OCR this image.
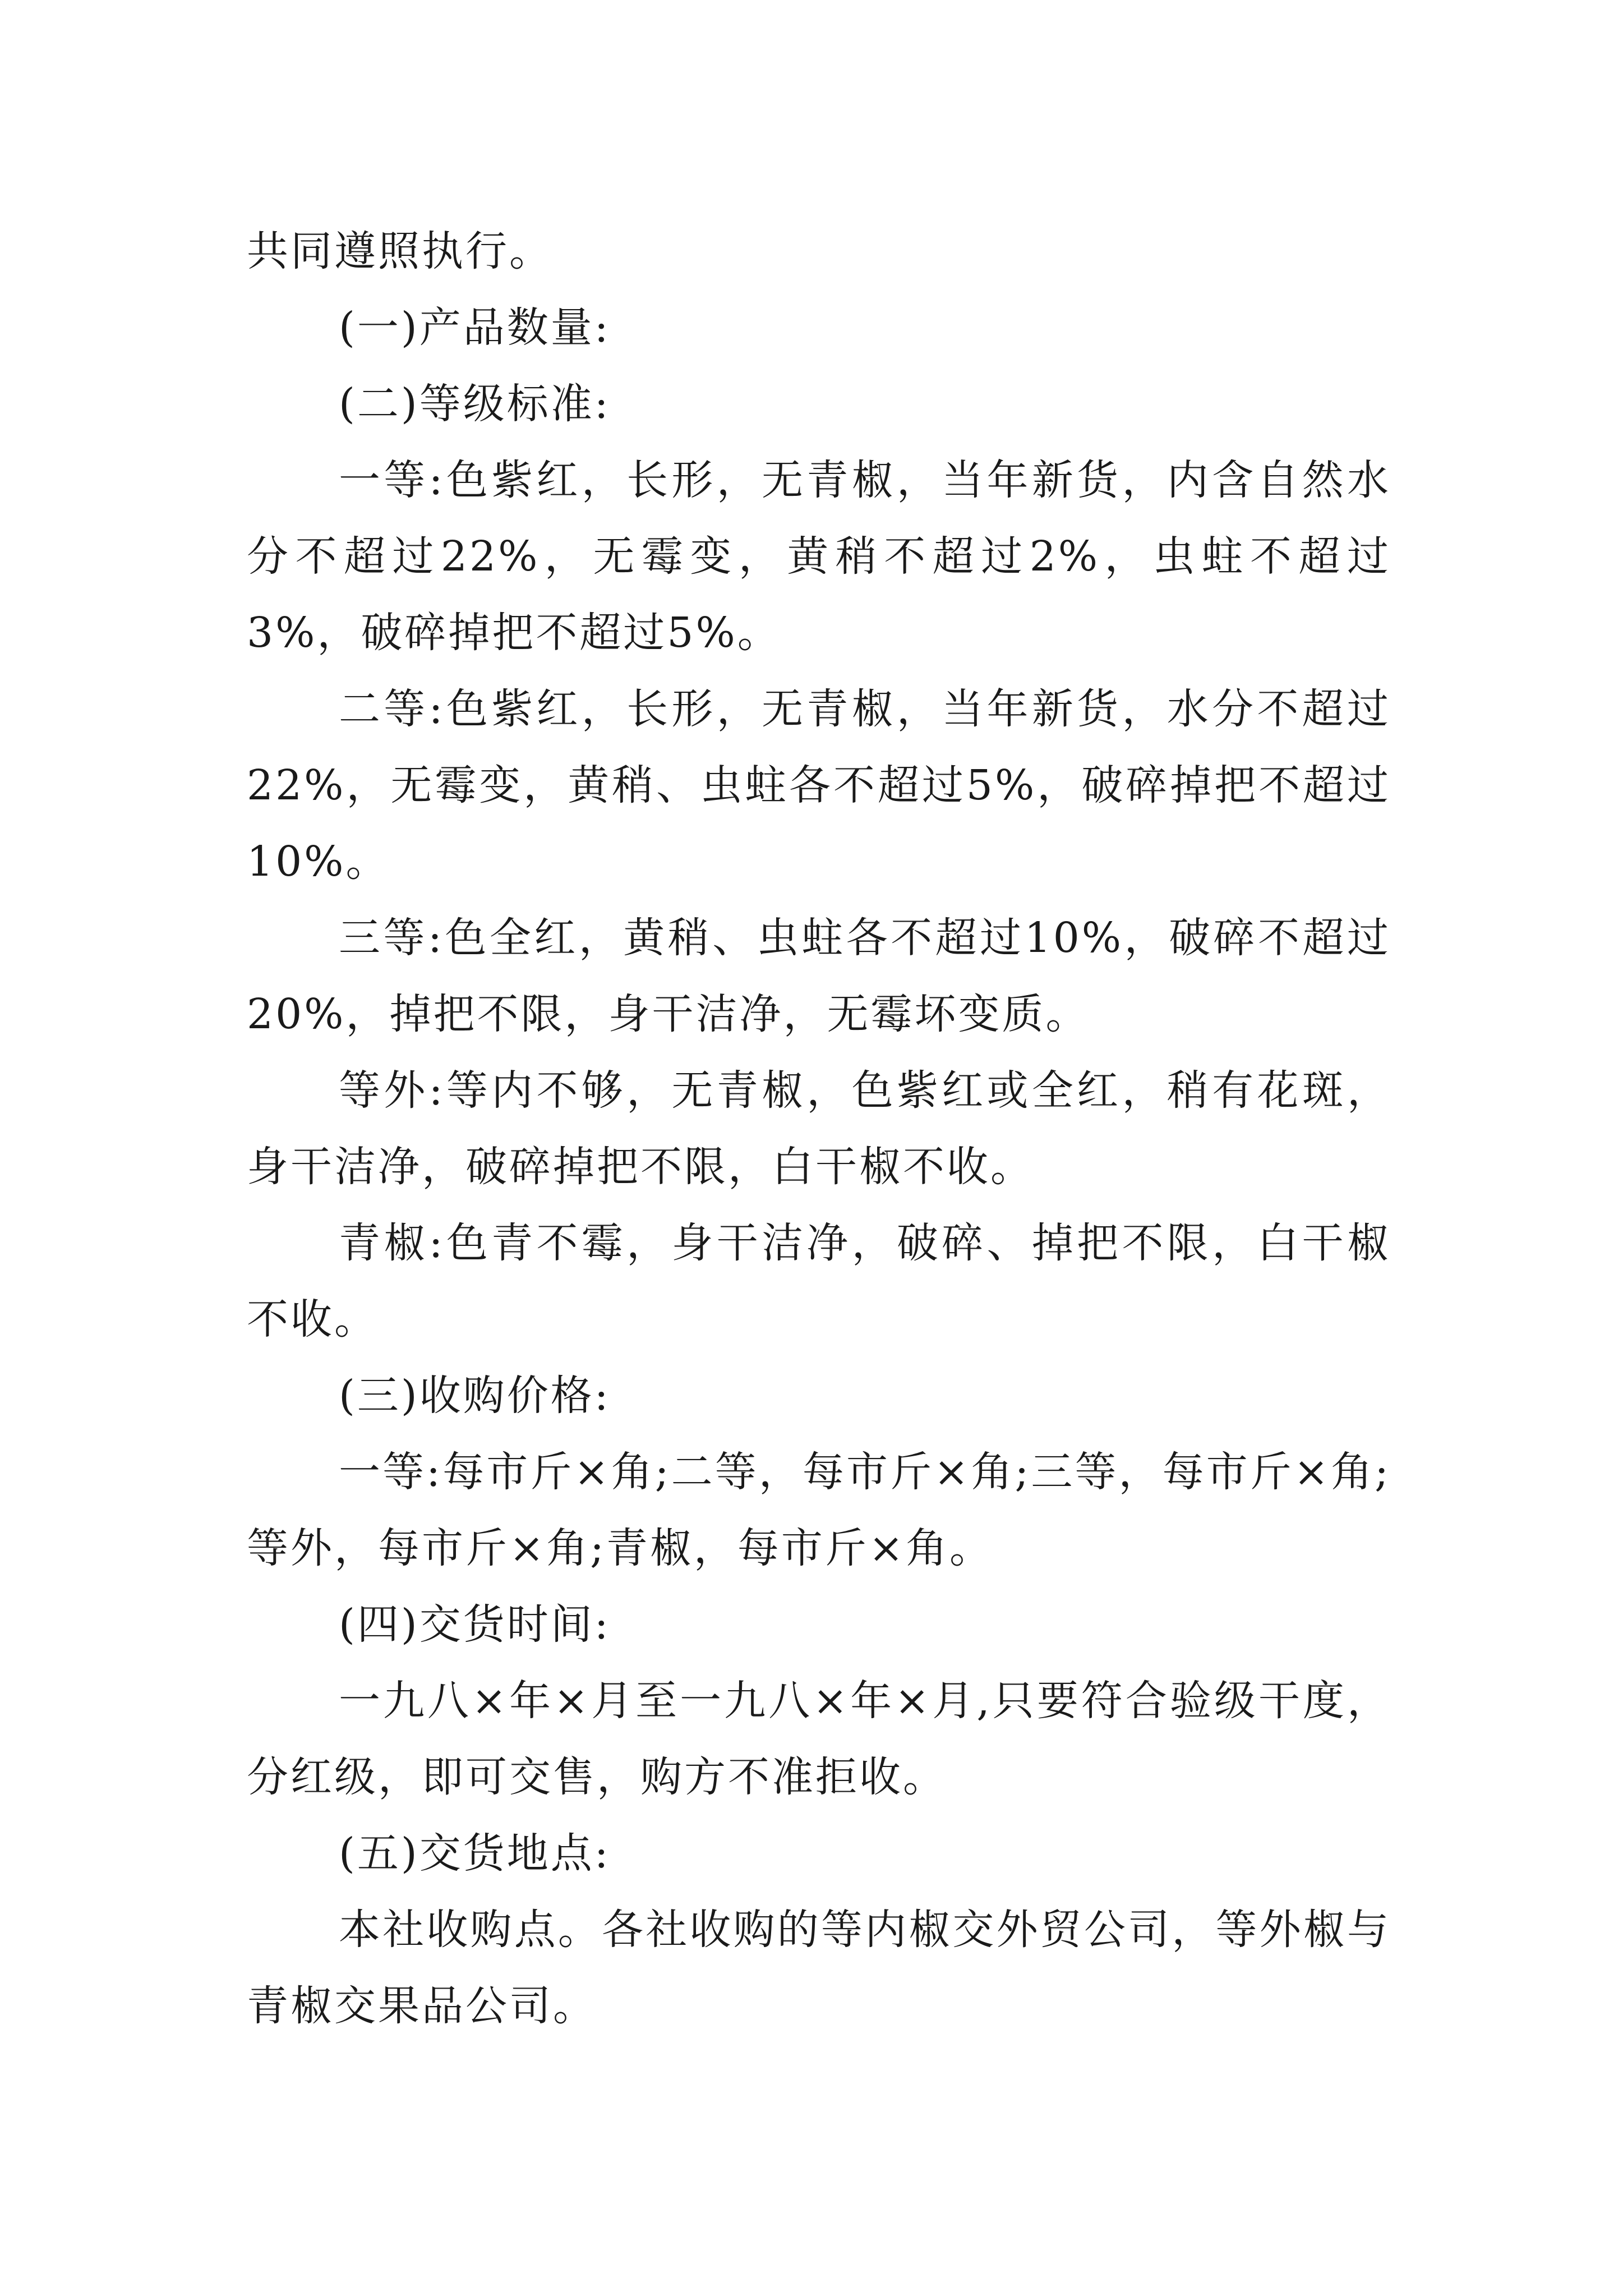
共同遵照执行。

(一)产品数量:

(二)等级标准:

一等:色紫红，长形，无青椒，当年新货，内含自然水分不超过22%，无霉变，黄稍不超过2%，虫蛀不超过3%，破碎掉把不超过5%。

二等:色紫红，长形，无青椒，当年新货，水分不超过22%，无霉变，黄稍、虫蛀各不超过5%，破碎掉把不超过10%。

三等:色全红，黄稍、虫蛀各不超过10%，破碎不超过20%，掉把不限，身干洁净，无霉坏变质。

等外:等内不够，无青椒，色紫红或全红，稍有花斑，身干洁净，破碎掉把不限，白干椒不收。

青椒:色青不霉，身干洁净，破碎、掉把不限，白干椒不收。

(三)收购价格:

一等:每市斤×角;二等，每市斤×角;三等，每市斤×角;等外，每市斤×角;青椒，每市斤×角。

(四)交货时间:

一九八×年×月至一九八×年×月,只要符合验级干度，分红级，即可交售，购方不准拒收。

(五)交货地点:

本社收购点。各社收购的等内椒交外贸公司，等外椒与青椒交果品公司。
